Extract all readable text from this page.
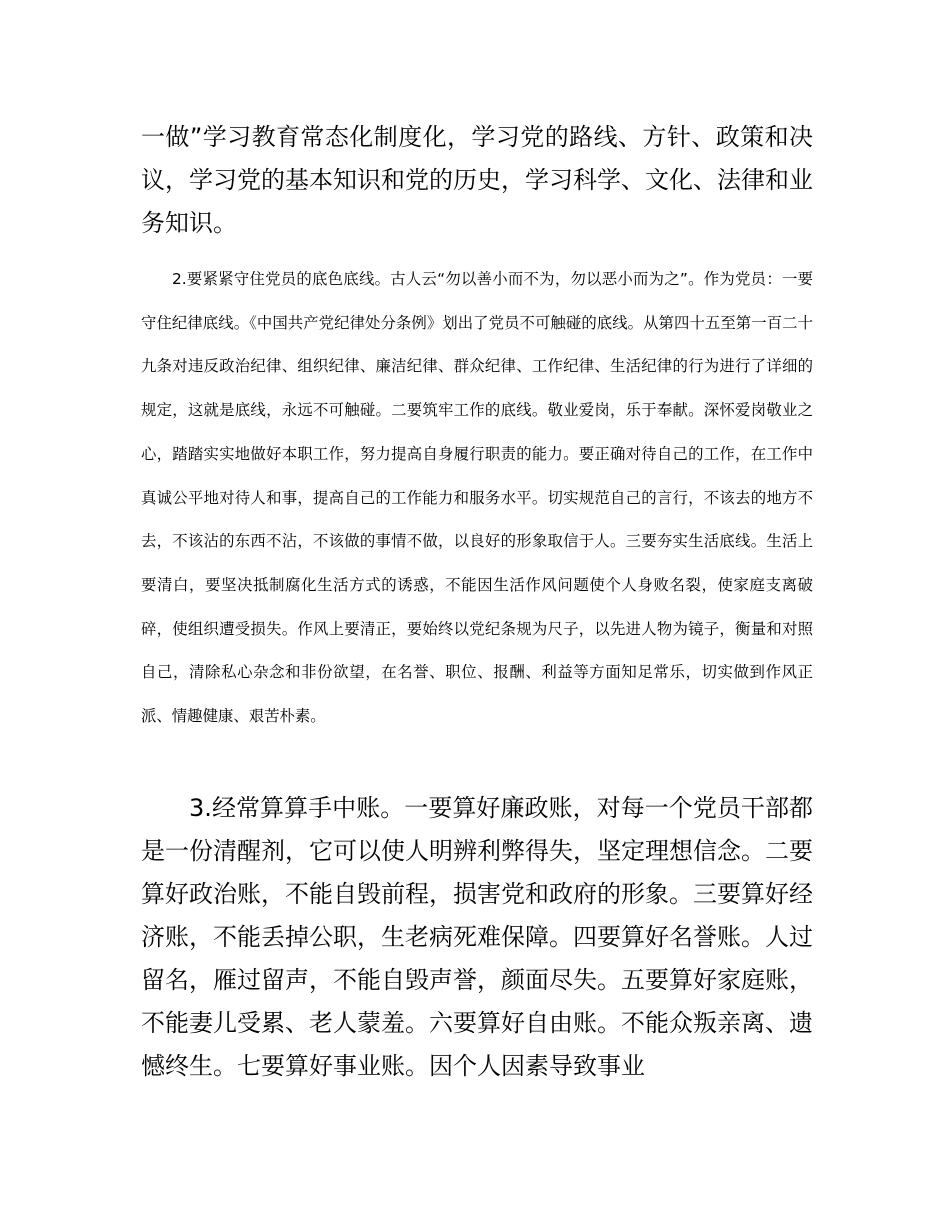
一做”学习教育常态化制度化，学习党的路线、方针、政策和决议，学习党的基本知识和党的历史，学习科学、文化、法律和业务知识。

2.要紧紧守住党员的底色底线。古人云“勿以善小而不为，勿以恶小而为之”。作为党员：一要守住纪律底线。《中国共产党纪律处分条例》划出了党员不可触碰的底线。从第四十五至第一百二十九条对违反政治纪律、组织纪律、廉洁纪律、群众纪律、工作纪律、生活纪律的行为进行了详细的规定，这就是底线，永远不可触碰。二要筑牢工作的底线。敬业爱岗，乐于奉献。深怀爱岗敬业之心，踏踏实实地做好本职工作，努力提高自身履行职责的能力。要正确对待自己的工作，在工作中真诚公平地对待人和事，提高自己的工作能力和服务水平。切实规范自己的言行，不该去的地方不去，不该沾的东西不沾，不该做的事情不做，以良好的形象取信于人。三要夯实生活底线。生活上要清白，要坚决抵制腐化生活方式的诱惑，不能因生活作风问题使个人身败名裂，使家庭支离破碎，使组织遭受损失。作风上要清正，要始终以党纪条规为尺子，以先进人物为镜子，衡量和对照自己，清除私心杂念和非份欲望，在名誉、职位、报酬、利益等方面知足常乐，切实做到作风正派、情趣健康、艰苦朴素。

3.经常算算手中账。一要算好廉政账，对每一个党员干部都是一份清醒剂，它可以使人明辨利弊得失，坚定理想信念。二要算好政治账，不能自毁前程，损害党和政府的形象。三要算好经济账，不能丢掉公职，生老病死难保障。四要算好名誉账。人过留名，雁过留声，不能自毁声誉，颜面尽失。五要算好家庭账，不能妻儿受累、老人蒙羞。六要算好自由账。不能众叛亲离、遗憾终生。七要算好事业账。因个人因素导致事业
